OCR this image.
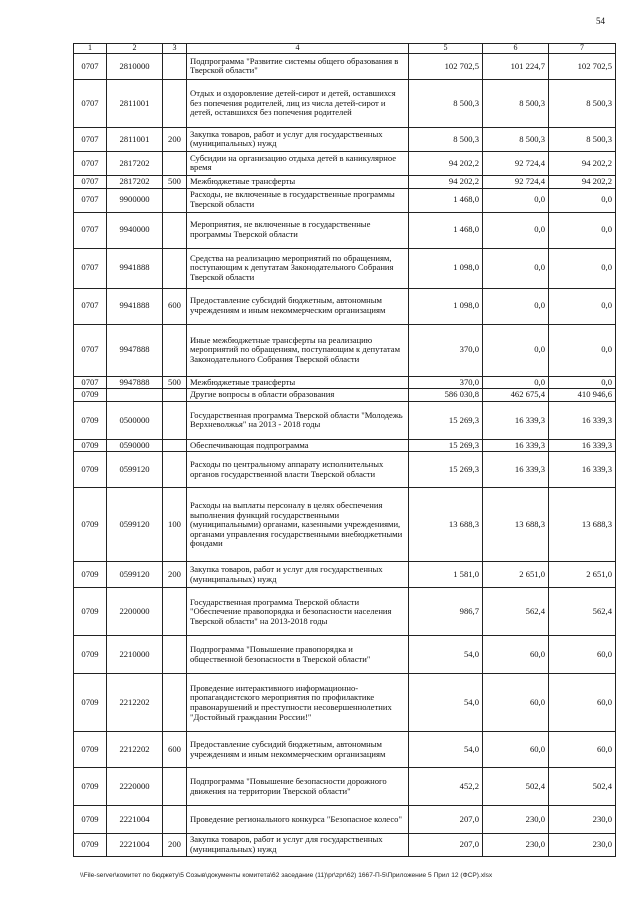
54
1	2	3	4	5	6	7
0707	2810000		Подпрограмма "Развитие системы общего образования в Тверской области"	102 702,5	101 224,7	102 702,5
0707	2811001		Отдых и оздоровление детей-сирот и детей, оставшихся без попечения родителей, лиц из числа детей-сирот и детей, оставшихся без попечения родителей	8 500,3	8 500,3	8 500,3
0707	2811001	200	Закупка товаров, работ и услуг для государственных (муниципальных) нужд	8 500,3	8 500,3	8 500,3
0707	2817202		Субсидии на организацию отдыха детей в каникулярное время	94 202,2	92 724,4	94 202,2
0707	2817202	500	Межбюджетные трансферты	94 202,2	92 724,4	94 202,2
0707	9900000		Расходы, не включенные в государственные программы Тверской области	1 468,0	0,0	0,0
0707	9940000		Мероприятия, не включенные в государственные программы Тверской области	1 468,0	0,0	0,0
0707	9941888		Средства на реализацию мероприятий по обращениям, поступающим к депутатам Законодательного Собрания Тверской области	1 098,0	0,0	0,0
0707	9941888	600	Предоставление субсидий бюджетным, автономным учреждениям и иным некоммерческим организациям	1 098,0	0,0	0,0
0707	9947888		Иные межбюджетные трансферты на реализацию мероприятий по обращениям, поступающим к депутатам Законодательного Собрания Тверской области	370,0	0,0	0,0
0707	9947888	500	Межбюджетные трансферты	370,0	0,0	0,0
0709			Другие вопросы в области образования	586 030,8	462 675,4	410 946,6
0709	0500000		Государственная программа Тверской области "Молодежь Верхневолжья" на 2013 - 2018 годы	15 269,3	16 339,3	16 339,3
0709	0590000		Обеспечивающая подпрограмма	15 269,3	16 339,3	16 339,3
0709	0599120		Расходы по центральному аппарату исполнительных органов государственной власти Тверской области	15 269,3	16 339,3	16 339,3
0709	0599120	100	Расходы на выплаты персоналу в целях обеспечения выполнения функций государственными (муниципальными) органами, казенными учреждениями, органами управления государственными внебюджетными фондами	13 688,3	13 688,3	13 688,3
0709	0599120	200	Закупка товаров, работ и услуг для государственных (муниципальных) нужд	1 581,0	2 651,0	2 651,0
0709	2200000		Государственная программа Тверской области "Обеспечение правопорядка и безопасности населения Тверской области" на 2013-2018 годы	986,7	562,4	562,4
0709	2210000		Подпрограмма "Повышение правопорядка и общественной безопасности в Тверской области"	54,0	60,0	60,0
0709	2212202		Проведение интерактивного информационно-пропагандистского мероприятия по профилактике правонарушений и преступности несовершеннолетних "Достойный гражданин России!"	54,0	60,0	60,0
0709	2212202	600	Предоставление субсидий бюджетным, автономным учреждениям и иным некоммерческим организациям	54,0	60,0	60,0
0709	2220000		Подпрограмма "Повышение безопасности дорожного движения на территории Тверской области"	452,2	502,4	502,4
0709	2221004		Проведение регионального конкурса "Безопасное колесо"	207,0	230,0	230,0
0709	2221004	200	Закупка товаров, работ и услуг для государственных (муниципальных) нужд	207,0	230,0	230,0
\\File-server\комитет по бюджету\5 Созыв\документы комитета\62 заседание (11)\pr\zpr\62) 1667-П-5\Приложение 5 Прил 12 (ФСР).xlsx
